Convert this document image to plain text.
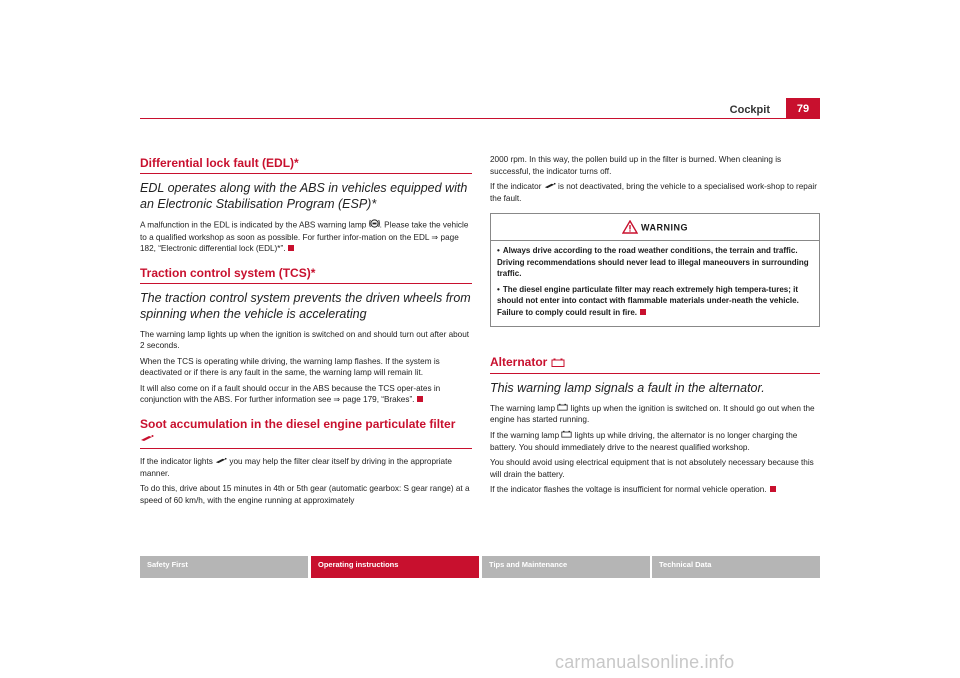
Cockpit	79
Differential lock fault (EDL)*
EDL operates along with the ABS in vehicles equipped with an Electronic Stabilisation Program (ESP)*

A malfunction in the EDL is indicated by the ABS warning lamp . Please take the vehicle to a qualified workshop as soon as possible. For further infor-mation on the EDL ⇒ page 182, “Electronic differential lock (EDL)*”.

Traction control system (TCS)*
The traction control system prevents the driven wheels from spinning when the vehicle is accelerating

The warning lamp lights up when the ignition is switched on and should turn out after about 2 seconds.

When the TCS is operating while driving, the warning lamp flashes. If the system is deactivated or if there is any fault in the same, the warning lamp will remain lit.

It will also come on if a fault should occur in the ABS because the TCS oper-ates in conjunction with the ABS. For further information see ⇒ page 179, “Brakes”.

Soot accumulation in the diesel engine particulate filter

If the indicator lights you may help the filter clear itself by driving in the appropriate manner.

To do this, drive about 15 minutes in 4th or 5th gear (automatic gearbox: S gear range) at a speed of 60 km/h, with the engine running at approximately

2000 rpm. In this way, the pollen build up in the filter is burned. When cleaning is successful, the indicator turns off.

If the indicator is not deactivated, bring the vehicle to a specialised work-shop to repair the fault.

WARNING
• Always drive according to the road weather conditions, the terrain and traffic. Driving recommendations should never lead to illegal maneouvers in surrounding traffic.
• The diesel engine particulate filter may reach extremely high tempera-tures; it should not enter into contact with flammable materials under-neath the vehicle. Failure to comply could result in fire.
Alternator
This warning lamp signals a fault in the alternator.

The warning lamp lights up when the ignition is switched on. It should go out when the engine has started running.

If the warning lamp lights up while driving, the alternator is no longer charging the battery. You should immediately drive to the nearest qualified workshop.

You should avoid using electrical equipment that is not absolutely necessary because this will drain the battery.

If the indicator flashes the voltage is insufficient for normal vehicle operation.

Safety First	Operating instructions	Tips and Maintenance	Technical Data
carmanualsonline.info
